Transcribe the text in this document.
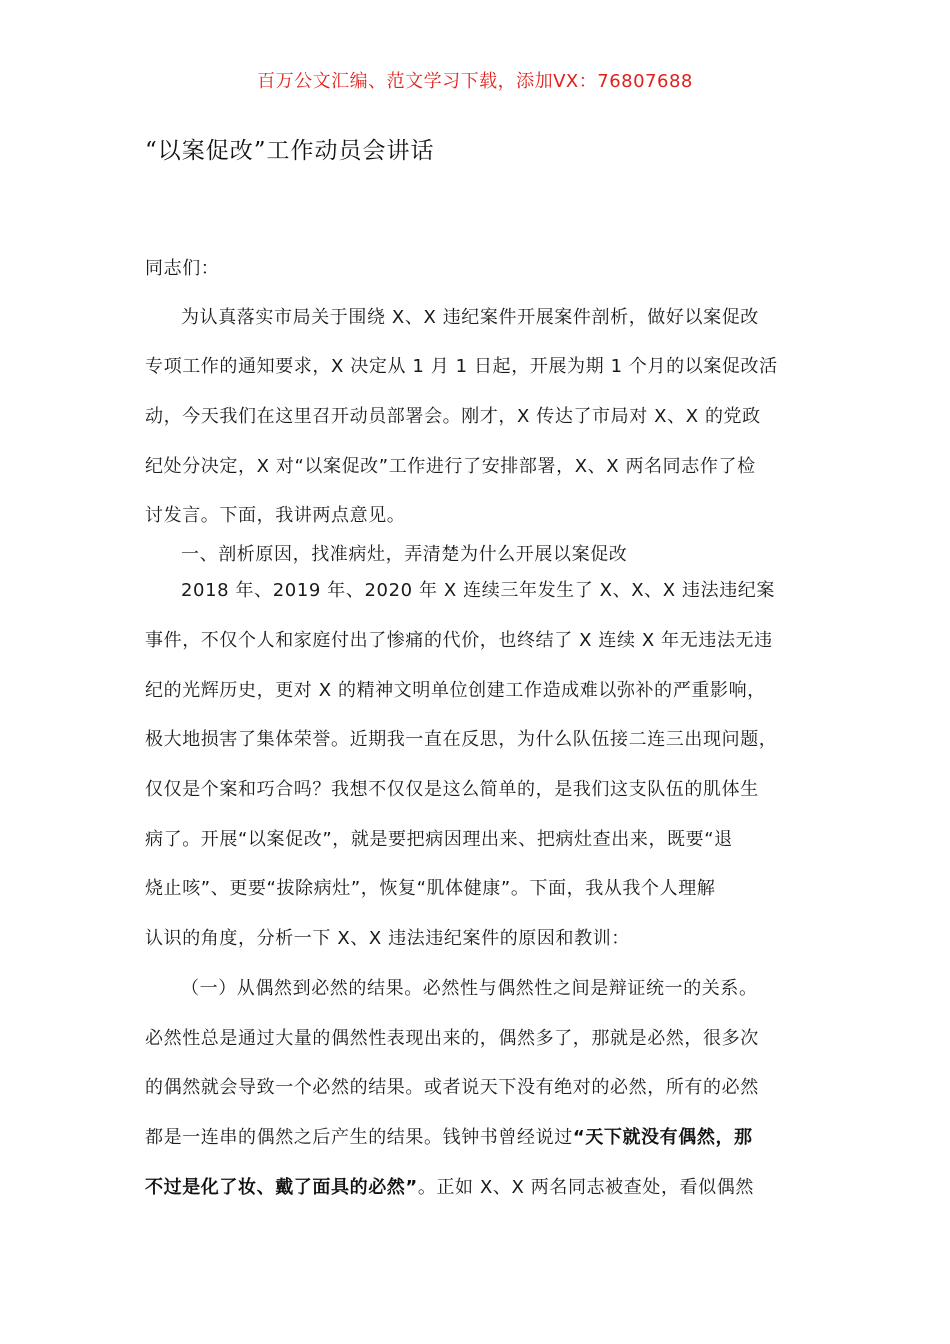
百万公文汇编、范文学习下载，添加VX：76807688
“以案促改”工作动员会讲话
同志们：
为认真落实市局关于围绕 X、X 违纪案件开展案件剖析，做好以案促改
专项工作的通知要求，X 决定从 1 月 1 日起，开展为期 1 个月的以案促改活
动，今天我们在这里召开动员部署会。刚才，X 传达了市局对 X、X 的党政
纪处分决定，X 对“以案促改”工作进行了安排部署，X、X 两名同志作了检
讨发言。下面，我讲两点意见。
一、剖析原因，找准病灶，弄清楚为什么开展以案促改
2018 年、2019 年、2020 年 X 连续三年发生了 X、X、X 违法违纪案
事件，不仅个人和家庭付出了惨痛的代价，也终结了 X 连续 X 年无违法无违
纪的光辉历史，更对 X 的精神文明单位创建工作造成难以弥补的严重影响，
极大地损害了集体荣誉。近期我一直在反思，为什么队伍接二连三出现问题，
仅仅是个案和巧合吗？我想不仅仅是这么简单的，是我们这支队伍的肌体生
病了。开展“以案促改”，就是要把病因理出来、把病灶查出来，既要“退
烧止咳”、更要“拔除病灶”，恢复“肌体健康”。下面，我从我个人理解
认识的角度，分析一下 X、X 违法违纪案件的原因和教训：
（一）从偶然到必然的结果。必然性与偶然性之间是辩证统一的关系。
必然性总是通过大量的偶然性表现出来的，偶然多了，那就是必然，很多次
的偶然就会导致一个必然的结果。或者说天下没有绝对的必然，所有的必然
都是一连串的偶然之后产生的结果。钱钟书曾经说过“天下就没有偶然，那
不过是化了妆、戴了面具的必然”。正如 X、X 两名同志被查处，看似偶然
